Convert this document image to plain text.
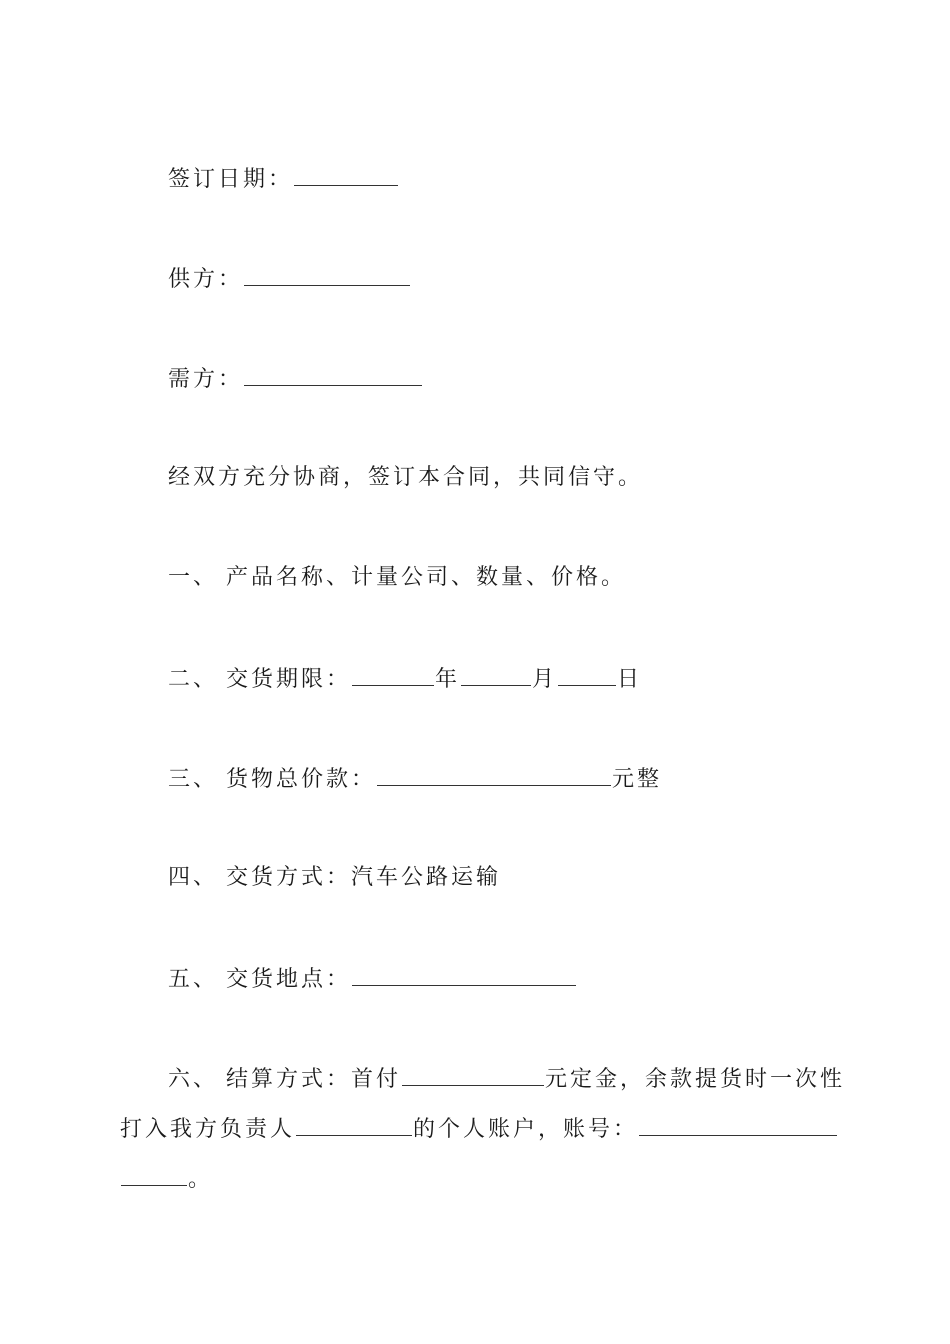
签订日期：
供方：
需方：
经双方充分协商，签订本合同，共同信守。
一、 产品名称、计量公司、数量、价格。
二、 交货期限：	年	月	日
三、 货物总价款：	元整
四、 交货方式：汽车公路运输
五、 交货地点：
六、 结算方式：首付	元定金，余款提货时一次性
打入我方负责人	的个人账户，账号：
。
